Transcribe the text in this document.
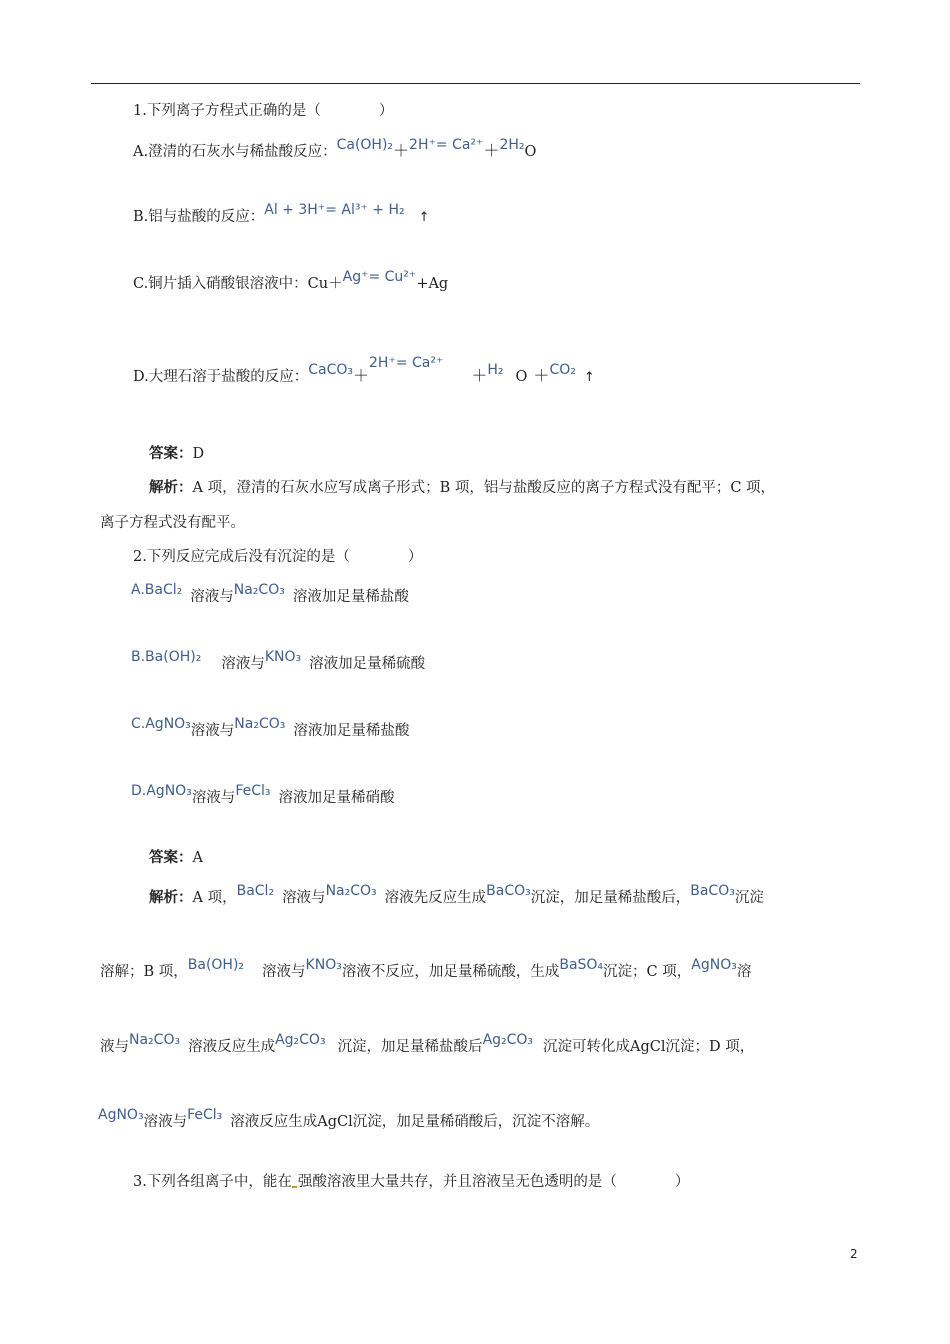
1.下列离子方程式正确的是（　　　　）
A.澄清的石灰水与稀盐酸反应：Ca(OH)₂＋2H⁺= Ca²⁺＋2H₂O
B.铝与盐酸的反应：Al + 3H⁺= Al³⁺ + H₂ ↑
C.铜片插入硝酸银溶液中：Cu＋Ag⁺= Cu²⁺+Ag
D.大理石溶于盐酸的反应：CaCO₃＋2H⁺= Ca²⁺＋H₂ O ＋CO₂ ↑
答案：D
解析：A 项，澄清的石灰水应写成离子形式；B 项，铝与盐酸反应的离子方程式没有配平；C 项，
离子方程式没有配平。
2.下列反应完成后没有沉淀的是（　　　　）
A.BaCl₂ 溶液与Na₂CO₃ 溶液加足量稀盐酸
B.Ba(OH)₂ 溶液与KNO₃ 溶液加足量稀硫酸
C.AgNO₃溶液与Na₂CO₃ 溶液加足量稀盐酸
D.AgNO₃溶液与FeCl₃ 溶液加足量稀硝酸
答案：A
解析：A 项，BaCl₂ 溶液与Na₂CO₃ 溶液先反应生成BaCO₃沉淀，加足量稀盐酸后，BaCO₃沉淀
溶解；B 项，Ba(OH)₂ 溶液与KNO₃溶液不反应，加足量稀硫酸，生成BaSO₄沉淀；C 项，AgNO₃溶
液与Na₂CO₃ 溶液反应生成Ag₂CO₃ 沉淀，加足量稀盐酸后Ag₂CO₃ 沉淀可转化成AgCl沉淀；D 项，
AgNO₃溶液与FeCl₃ 溶液反应生成AgCl沉淀，加足量稀硝酸后，沉淀不溶解。
3.下列各组离子中，能在 强酸溶液里大量共存，并且溶液呈无色透明的是（　　　　）
2
